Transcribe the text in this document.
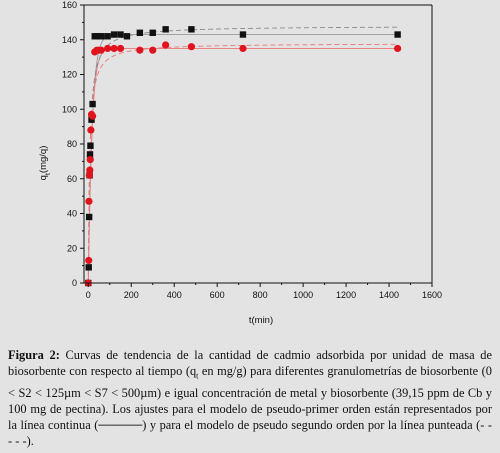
0	200	400	600	800	1000	1200	1400	1600
0
20
40
60
80
100
120
140
160
t(min)
$q_t(mg/q)$
Figura 2: Curvas de tendencia de la cantidad de cadmio adsorbida por unidad de masa de biosorbente con respecto al tiempo ($q_t$ en mg/g) para diferentes granulometrías de biosorbente (0 < S2 < 125µm < S7 < 500µm) e igual concentración de metal y biosorbente (39,15 ppm de Cb y 100 mg de pectina). Los ajustes para el modelo de pseudo-primer orden están representados por la línea continua (─────) y para el modelo de pseudo segundo orden por la línea punteada (- - - - -).
